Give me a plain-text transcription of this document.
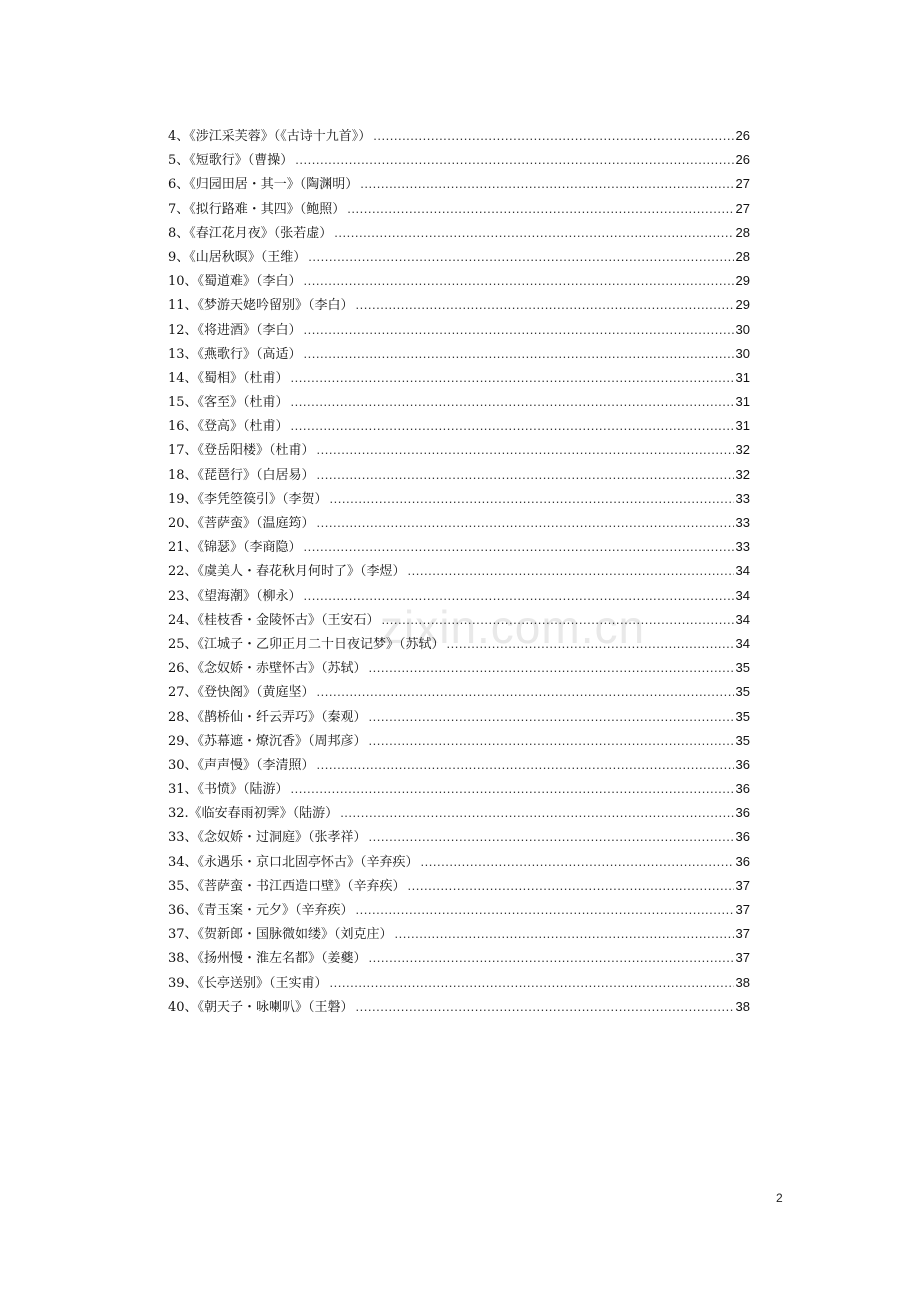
zixin.com.cn
4、《涉江采芙蓉》（《古诗十九首》） .....	26
5、《短歌行》（曹操） .....	26
6、《归园田居・其一》（陶渊明） .....	27
7、《拟行路难・其四》（鲍照） .....	27
8、《春江花月夜》（张若虚） .....	28
9、《山居秋暝》（王维） .....	28
10、《蜀道难》（李白） .....	29
11、《梦游天姥吟留别》（李白） .....	29
12、《将进酒》（李白） .....	30
13、《燕歌行》（高适） .....	30
14、《蜀相》（杜甫） .....	31
15、《客至》（杜甫） .....	31
16、《登高》（杜甫） .....	31
17、《登岳阳楼》（杜甫） .....	32
18、《琵琶行》（白居易） .....	32
19、《李凭箜篌引》（李贺） .....	33
20、《菩萨蛮》（温庭筠） .....	33
21、《锦瑟》（李商隐） .....	33
22、《虞美人・春花秋月何时了》（李煜） .....	34
23、《望海潮》（柳永） .....	34
24、《桂枝香・金陵怀古》（王安石） .....	34
25、《江城子・乙卯正月二十日夜记梦》（苏轼） .....	34
26、《念奴娇・赤壁怀古》（苏轼） .....	35
27、《登快阁》（黄庭坚） .....	35
28、《鹊桥仙・纤云弄巧》（秦观） .....	35
29、《苏幕遮・燎沉香》（周邦彦） .....	35
30、《声声慢》（李清照） .....	36
31、《书愤》（陆游） .....	36
32.《临安春雨初霁》（陆游） .....	36
33、《念奴娇・过洞庭》（张孝祥） .....	36
34、《永遇乐・京口北固亭怀古》（辛弃疾） .....	36
35、《菩萨蛮・书江西造口壁》（辛弃疾） .....	37
36、《青玉案・元夕》（辛弃疾） .....	37
37、《贺新郎・国脉微如缕》（刘克庄） .....	37
38、《扬州慢・淮左名都》（姜夔） .....	37
39、《长亭送别》（王实甫） .....	38
40、《朝天子・咏喇叭》（王磐） .....	38
2
